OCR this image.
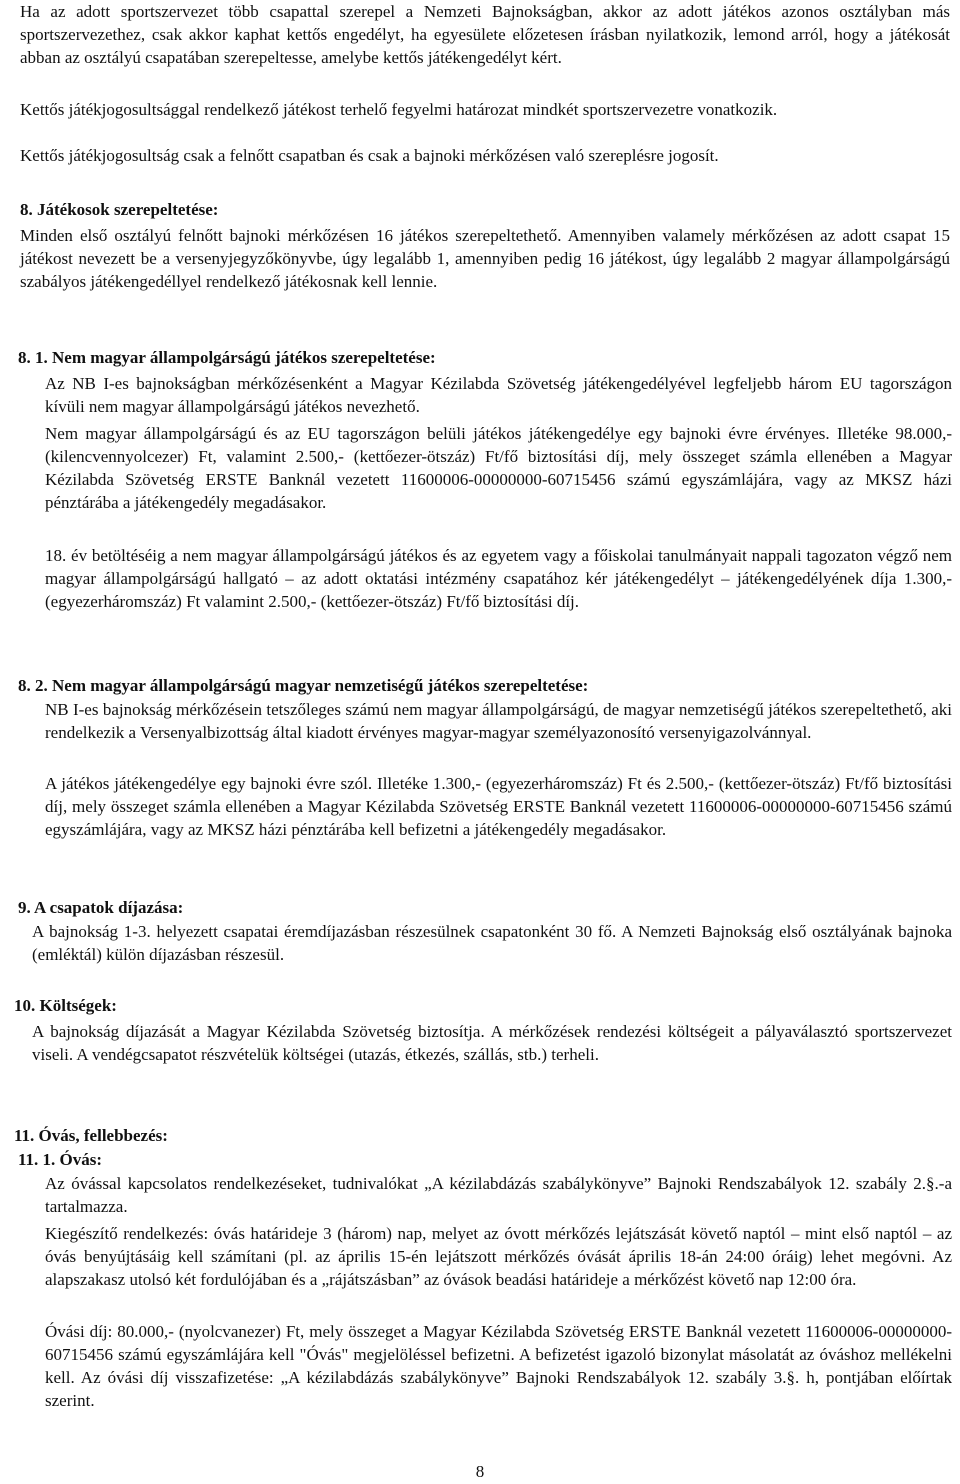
Ha az adott sportszervezet több csapattal szerepel a Nemzeti Bajnokságban, akkor az adott játékos azonos osztályban más sportszervezethez, csak akkor kaphat kettős engedélyt, ha egyesülete előzetesen írásban nyilatkozik, lemond arról, hogy a játékosát abban az osztályú csapatában szerepeltesse, amelybe kettős játékengedélyt kért.

Kettős játékjogosultsággal rendelkező játékost terhelő fegyelmi határozat mindkét sportszervezetre vonatkozik.

Kettős játékjogosultság csak a felnőtt csapatban és csak a bajnoki mérkőzésen való szereplésre jogosít.

8. Játékosok szerepeltetése:

Minden első osztályú felnőtt bajnoki mérkőzésen 16 játékos szerepeltethető. Amennyiben valamely mérkőzésen az adott csapat 15 játékost nevezett be a versenyjegyzőkönyvbe, úgy legalább 1, amennyiben pedig 16 játékost, úgy legalább 2 magyar állampolgárságú szabályos játékengedéllyel rendelkező játékosnak kell lennie.

8. 1. Nem magyar állampolgárságú játékos szerepeltetése:

Az NB I-es bajnokságban mérkőzésenként a Magyar Kézilabda Szövetség játékengedélyével legfeljebb három EU tagországon kívüli nem magyar állampolgárságú játékos nevezhető.

Nem magyar állampolgárságú és az EU tagországon belüli játékos játékengedélye egy bajnoki évre érvényes. Illetéke 98.000,- (kilencvennyolcezer) Ft, valamint 2.500,- (kettőezer-ötszáz) Ft/fő biztosítási díj, mely összeget számla ellenében a Magyar Kézilabda Szövetség ERSTE Banknál vezetett 11600006-00000000-60715456 számú egyszámlájára, vagy az MKSZ házi pénztárába a játékengedély megadásakor.

18. év betöltéséig a nem magyar állampolgárságú játékos és az egyetem vagy a főiskolai tanulmányait nappali tagozaton végző nem magyar állampolgárságú hallgató – az adott oktatási intézmény csapatához kér játékengedélyt – játékengedélyének díja 1.300,- (egyezerháromszáz) Ft valamint 2.500,- (kettőezer-ötszáz) Ft/fő biztosítási díj.

8. 2. Nem magyar állampolgárságú magyar nemzetiségű játékos szerepeltetése:

NB I-es bajnokság mérkőzésein tetszőleges számú nem magyar állampolgárságú, de magyar nemzetiségű játékos szerepeltethető, aki rendelkezik a Versenyalbizottság által kiadott érvényes magyar-magyar személyazonosító versenyigazolvánnyal.

A játékos játékengedélye egy bajnoki évre szól. Illetéke 1.300,- (egyezerháromszáz) Ft és 2.500,- (kettőezer-ötszáz) Ft/fő biztosítási díj, mely összeget számla ellenében a Magyar Kézilabda Szövetség ERSTE Banknál vezetett 11600006-00000000-60715456 számú egyszámlájára, vagy az MKSZ házi pénztárába kell befizetni a játékengedély megadásakor.

9. A csapatok díjazása:

A bajnokság 1-3. helyezett csapatai éremdíjazásban részesülnek csapatonként 30 fő. A Nemzeti Bajnokság első osztályának bajnoka (emléktál) külön díjazásban részesül.

10. Költségek:

A bajnokság díjazását a Magyar Kézilabda Szövetség biztosítja. A mérkőzések rendezési költségeit a pályaválasztó sportszervezet viseli. A vendégcsapatot részvételük költségei (utazás, étkezés, szállás, stb.) terheli.

11. Óvás, fellebbezés:
11. 1. Óvás:

Az óvással kapcsolatos rendelkezéseket, tudnivalókat „A kézilabdázás szabálykönyve” Bajnoki Rendszabályok 12. szabály 2.§.-a tartalmazza.

Kiegészítő rendelkezés: óvás határideje 3 (három) nap, melyet az óvott mérkőzés lejátszását követő naptól – mint első naptól – az óvás benyújtásáig kell számítani (pl. az április 15-én lejátszott mérkőzés óvását április 18-án 24:00 óráig) lehet megóvni. Az alapszakasz utolsó két fordulójában és a „rájátszásban” az óvások beadási határideje a mérkőzést követő nap 12:00 óra.

Óvási díj: 80.000,- (nyolcvanezer) Ft, mely összeget a Magyar Kézilabda Szövetség ERSTE Banknál vezetett 11600006-00000000-60715456 számú egyszámlájára kell "Óvás" megjelöléssel befizetni. A befizetést igazoló bizonylat másolatát az óváshoz mellékelni kell. Az óvási díj visszafizetése: „A kézilabdázás szabálykönyve” Bajnoki Rendszabályok 12. szabály 3.§. h, pontjában előírtak szerint.

8
